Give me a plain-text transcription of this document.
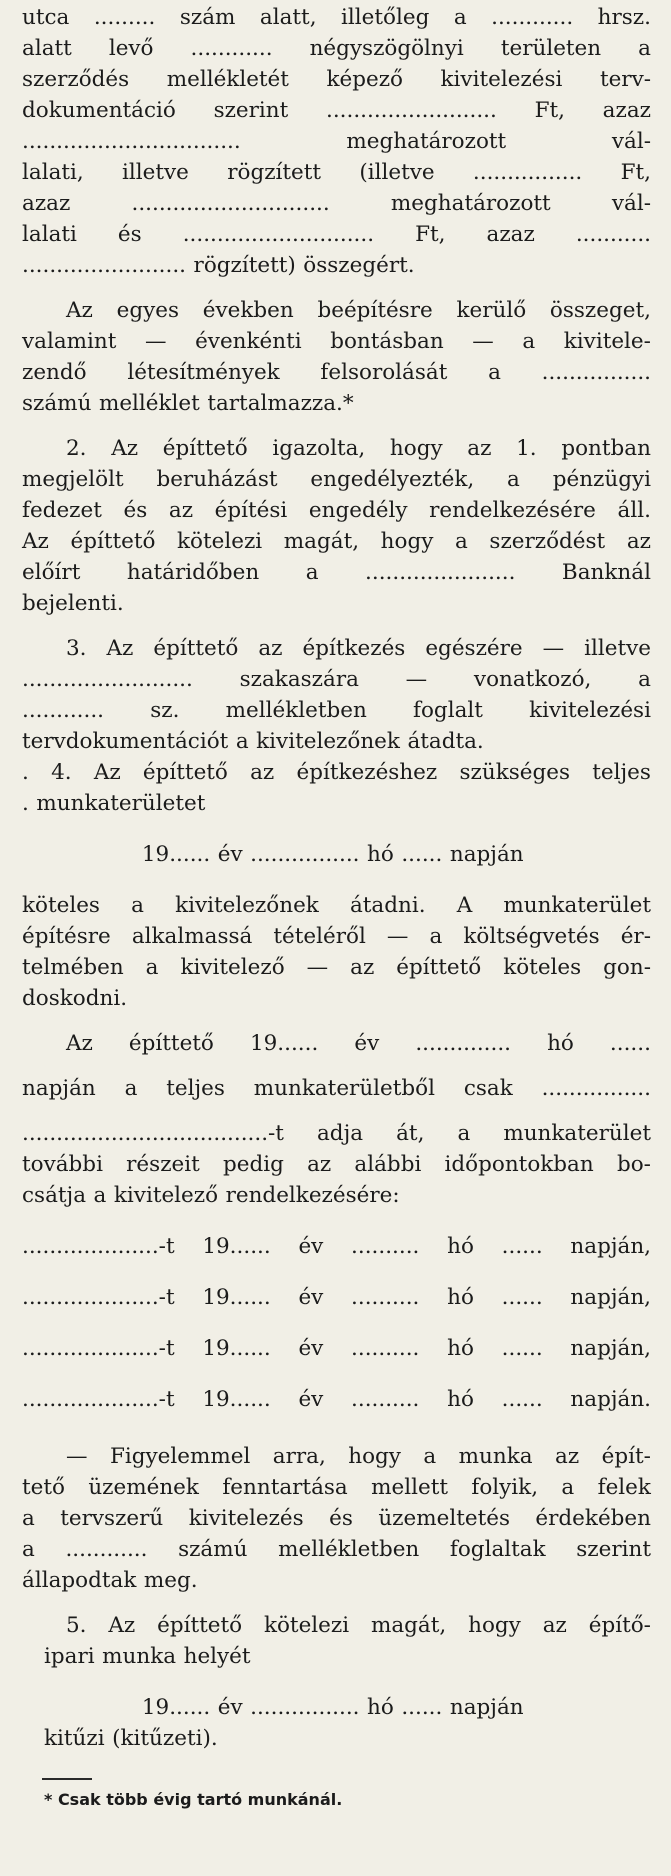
utca ......... szám alatt, illetőleg a ............ hrsz.
alatt levő ............ négyszögölnyi területen a
szerződés mellékletét képező kivitelezési terv-
dokumentáció szerint ......................... Ft, azaz
................................	meghatározott	vál-
lalati, illetve rögzített (illetve ................ Ft,
azaz	.............................	meghatározott	vál-
lalati és ............................ Ft, azaz ...........
........................ rögzített) összegért.
Az egyes években beépítésre kerülő összeget,
valamint — évenkénti bontásban — a kivitele-
zendő létesítmények felsorolását a ................
számú melléklet tartalmazza.*
2. Az építtető igazolta, hogy az 1. pontban
megjelölt beruházást engedélyezték, a pénzügyi
fedezet és az építési engedély rendelkezésére áll.
Az építtető kötelezi magát, hogy a szerződést az
előírt határidőben a ...................... Banknál
bejelenti.
3. Az építtető az építkezés egészére — illetve
......................... szakaszára — vonatkozó, a
............ sz. mellékletben foglalt kivitelezési
tervdokumentációt a kivitelezőnek átadta.
. 4. Az építtető az építkezéshez szükséges teljes
. munkaterületet
19...... év ................ hó ...... napján
köteles a kivitelezőnek átadni. A munkaterület
építésre alkalmassá tételéről — a költségvetés ér-
telmében a kivitelező — az építtető köteles gon-
doskodni.
Az építtető 19...... év .............. hó ......
napján a teljes munkaterületből csak ................
....................................-t adja át, a munkaterület
további részeit pedig az alábbi időpontokban bo-
csátja a kivitelező rendelkezésére:
....................-t 19...... év .......... hó ...... napján,
....................-t 19...... év .......... hó ...... napján,
....................-t 19...... év .......... hó ...... napján,
....................-t 19...... év .......... hó ...... napján.
— Figyelemmel arra, hogy a munka az épít-
tető üzemének fenntartása mellett folyik, a felek
a tervszerű kivitelezés és üzemeltetés érdekében
a ............ számú mellékletben foglaltak szerint
állapodtak meg.
5. Az építtető kötelezi magát, hogy az építő-
ipari munka helyét
19...... év ................ hó ...... napján
kitűzi (kitűzeti).
* Csak több évig tartó munkánál.
